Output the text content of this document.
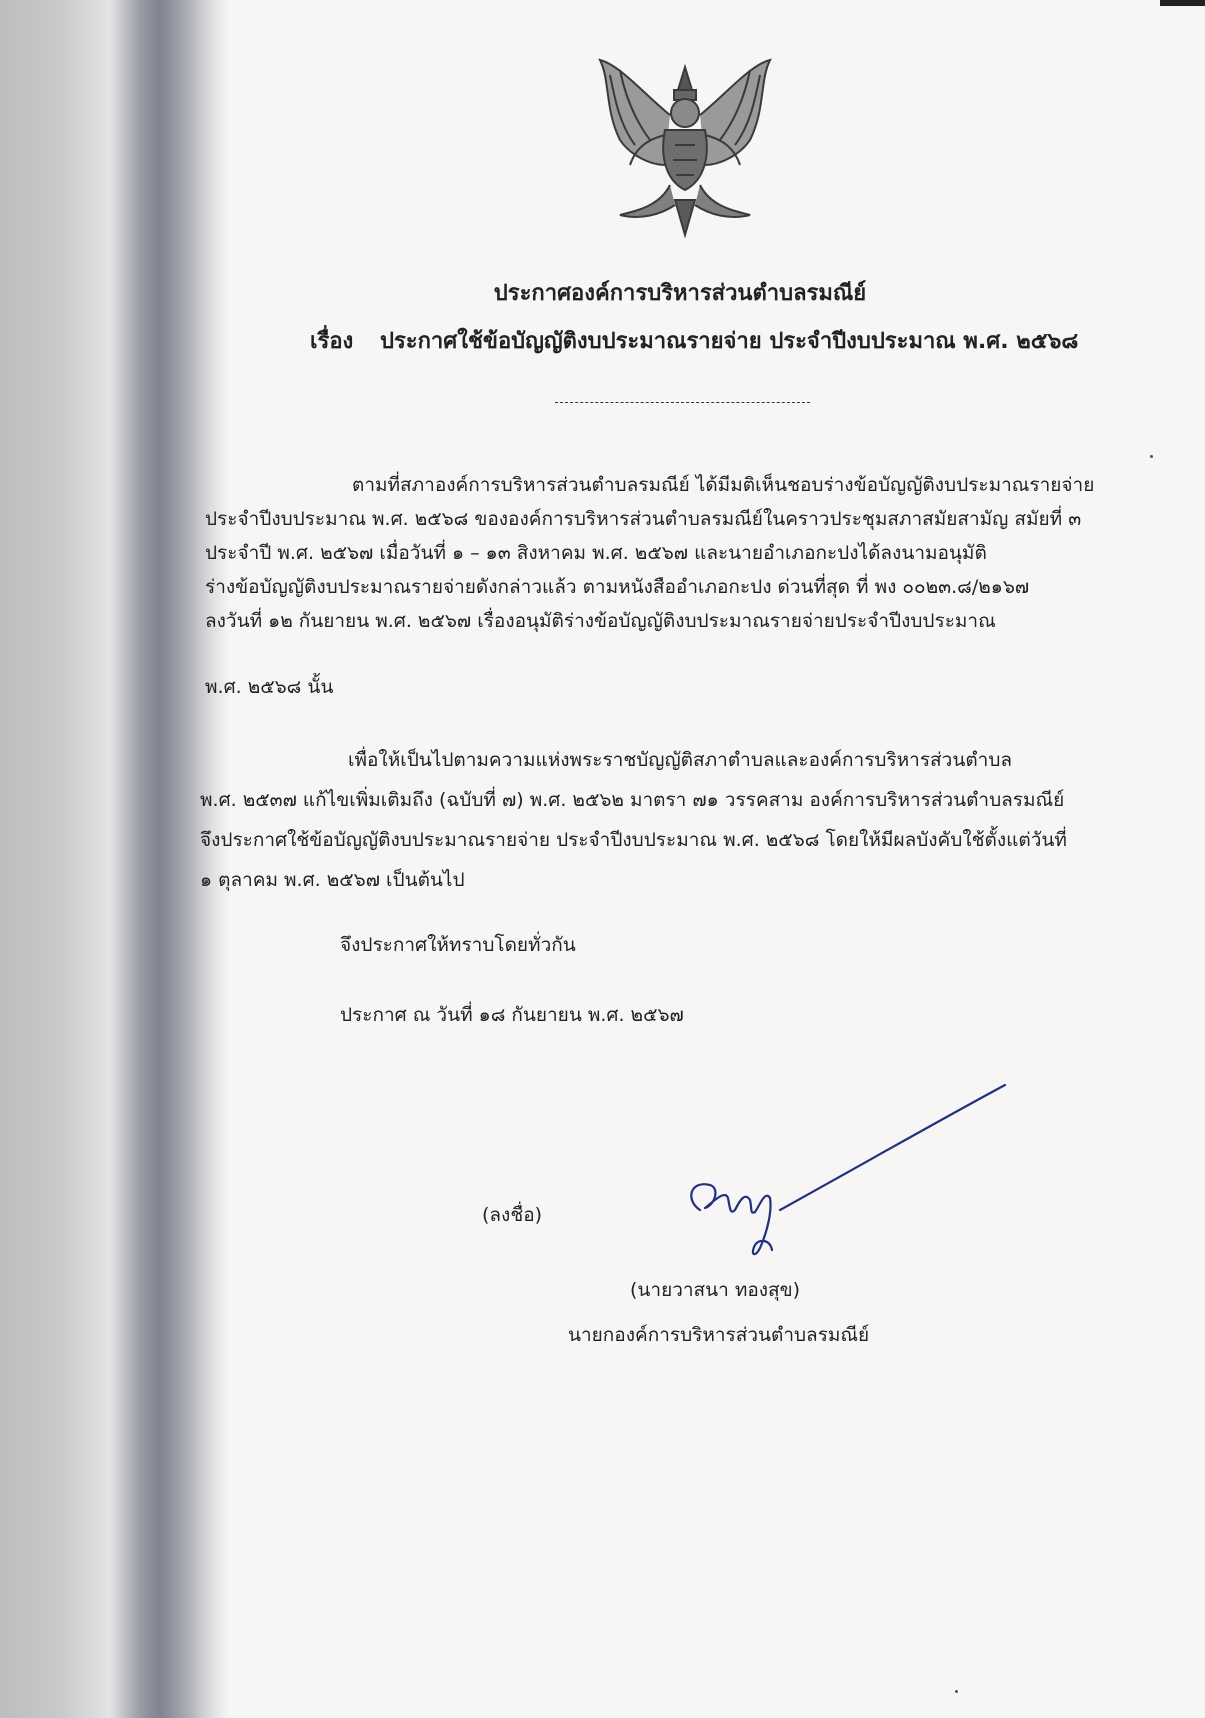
ประกาศองค์การบริหารส่วนตำบลรมณีย์
เรื่อง ประกาศใช้ข้อบัญญัติงบประมาณรายจ่าย ประจำปีงบประมาณ พ.ศ. ๒๕๖๘
ตามที่สภาองค์การบริหารส่วนตำบลรมณีย์ ได้มีมติเห็นชอบร่างข้อบัญญัติงบประมาณรายจ่าย
ประจำปีงบประมาณ พ.ศ. ๒๕๖๘ ขององค์การบริหารส่วนตำบลรมณีย์ในคราวประชุมสภาสมัยสามัญ สมัยที่ ๓
ประจำปี พ.ศ. ๒๕๖๗ เมื่อวันที่ ๑ – ๑๓ สิงหาคม พ.ศ. ๒๕๖๗ และนายอำเภอกะปงได้ลงนามอนุมัติ
ร่างข้อบัญญัติงบประมาณรายจ่ายดังกล่าวแล้ว ตามหนังสืออำเภอกะปง ด่วนที่สุด ที่ พง ๐๐๒๓.๘/๒๑๖๗
ลงวันที่ ๑๒ กันยายน พ.ศ. ๒๕๖๗ เรื่องอนุมัติร่างข้อบัญญัติงบประมาณรายจ่ายประจำปีงบประมาณ
พ.ศ. ๒๕๖๘ นั้น
เพื่อให้เป็นไปตามความแห่งพระราชบัญญัติสภาตำบลและองค์การบริหารส่วนตำบล
พ.ศ. ๒๕๓๗ แก้ไขเพิ่มเติมถึง (ฉบับที่ ๗) พ.ศ. ๒๕๖๒ มาตรา ๗๑ วรรคสาม องค์การบริหารส่วนตำบลรมณีย์
จึงประกาศใช้ข้อบัญญัติงบประมาณรายจ่าย ประจำปีงบประมาณ พ.ศ. ๒๕๖๘ โดยให้มีผลบังคับใช้ตั้งแต่วันที่
๑ ตุลาคม พ.ศ. ๒๕๖๗ เป็นต้นไป
จึงประกาศให้ทราบโดยทั่วกัน
ประกาศ ณ วันที่ ๑๘ กันยายน พ.ศ. ๒๕๖๗
(ลงชื่อ)
(นายวาสนา ทองสุข)
นายกองค์การบริหารส่วนตำบลรมณีย์
